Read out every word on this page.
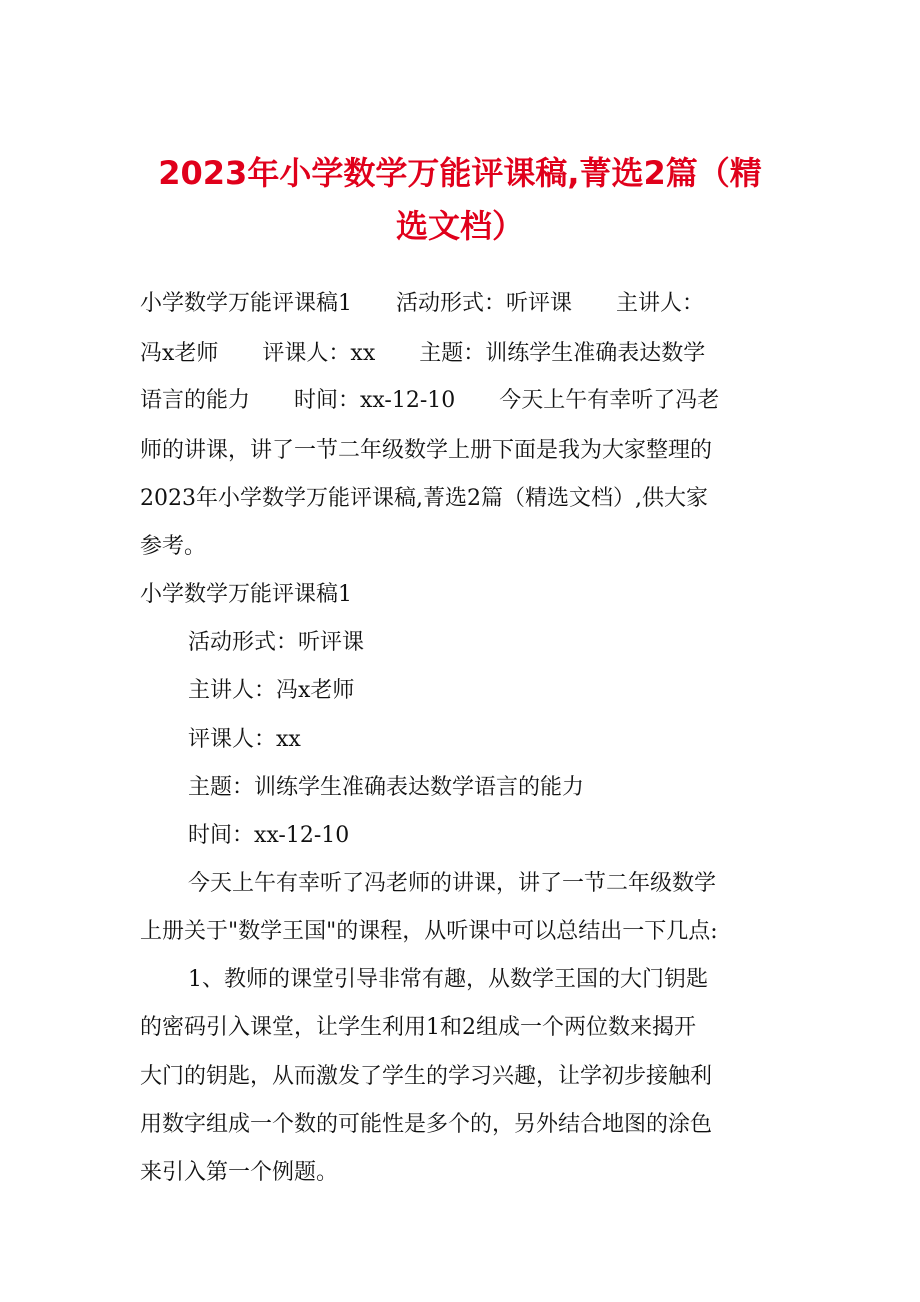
2023年小学数学万能评课稿,菁选2篇（精
选文档）
小学数学万能评课稿1　　活动形式：听评课　　主讲人：
冯x老师　　评课人：xx　　主题：训练学生准确表达数学
语言的能力　　时间：xx-12-10　　今天上午有幸听了冯老
师的讲课，讲了一节二年级数学上册下面是我为大家整理的
2023年小学数学万能评课稿,菁选2篇（精选文档）,供大家
参考。
小学数学万能评课稿1
活动形式：听评课
主讲人：冯x老师
评课人：xx
主题：训练学生准确表达数学语言的能力
时间：xx-12-10
今天上午有幸听了冯老师的讲课，讲了一节二年级数学
上册关于"数学王国"的课程，从听课中可以总结出一下几点:
1、教师的课堂引导非常有趣，从数学王国的大门钥匙
的密码引入课堂，让学生利用1和2组成一个两位数来揭开
大门的钥匙，从而激发了学生的学习兴趣，让学初步接触利
用数字组成一个数的可能性是多个的，另外结合地图的涂色
来引入第一个例题。
